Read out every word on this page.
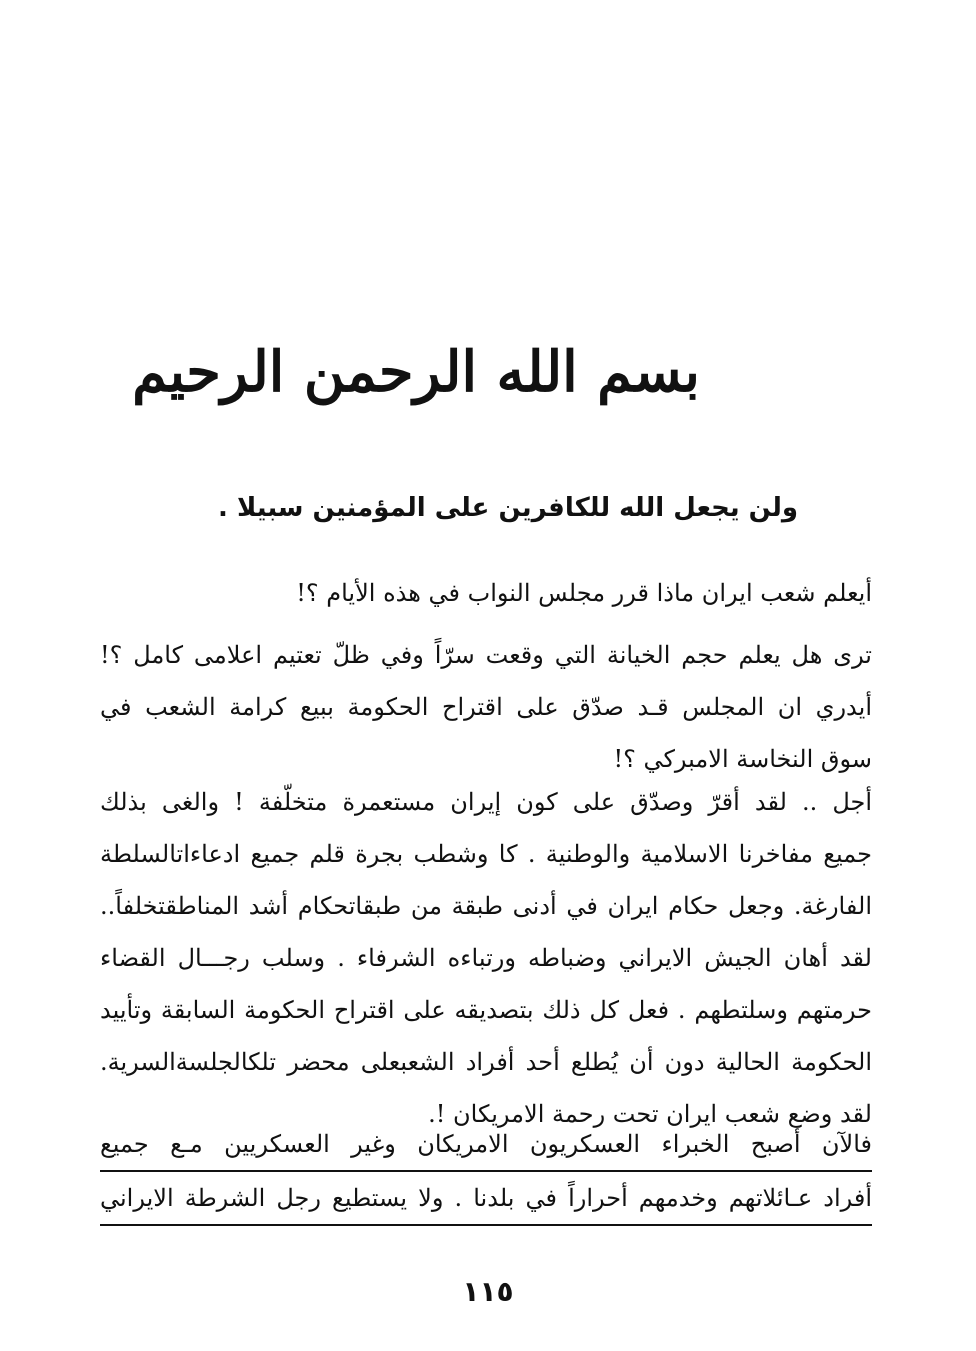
بسم الله الرحمن الرحيم
ولن يجعل الله للكافرين على المؤمنين سبيلا .
أيعلم شعب ايران ماذا قرر مجلس النواب في هذه الأيام ؟!
ترى هل يعلم حجم الخيانة التي وقعت سرّاً وفي ظلّ تعتيم اعلامى كامل ؟!
أيدري ان المجلس قـد صدّق على اقتراح الحكومة ببيع كرامة الشعب في
سوق النخاسة الامبركي ؟!
أجل .. لقد أقرّ وصدّق على كون إيران مستعمرة متخلّفة ! والغى بذلك
جميع مفاخرنا الاسلامية والوطنية . كا وشطب بجرة قلم جميع ادعاءاتالسلطة
الفارغة. وجعل حكام ايران في أدنى طبقة من طبقاتحكام أشد المناطقتخلفاً..
لقد أهان الجيش الايراني وضباطه ورتباءه الشرفاء . وسلب رجـــال القضاء
حرمتهم وسلتطهم . فعل كل ذلك بتصديقه على اقتراح الحكومة السابقة وتأييد
الحكومة الحالية دون أن يُطلع أحد أفراد الشعبعلى محضر تلكالجلسةالسرية.
لقد وضع شعب ايران تحت رحمة الامريكان !.
فالآن أصبح الخبراء العسكريون الامريكان وغير العسكريين مـع جميع
أفراد عـائلاتهم وخدمهم أحراراً في بلدنا . ولا يستطيع رجل الشرطة الايراني
١١٥
